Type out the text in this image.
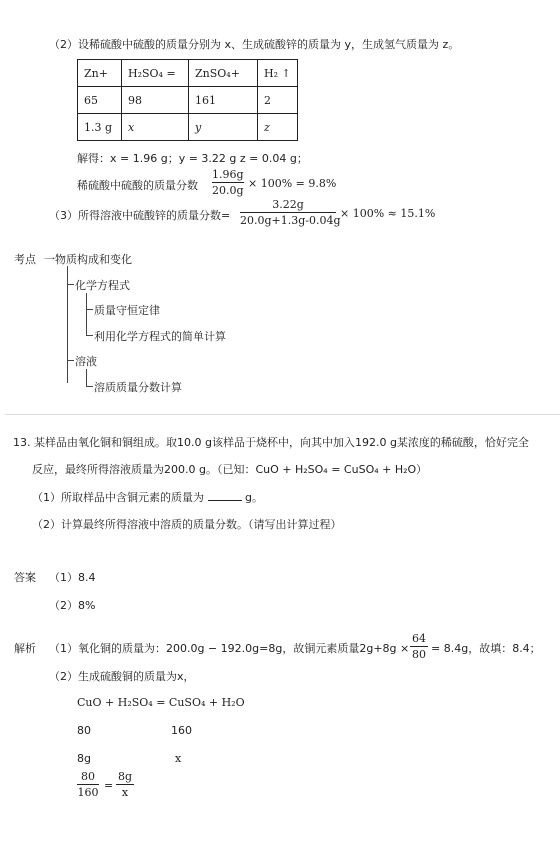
（2）设稀硫酸中硫酸的质量分别为 x、生成硫酸锌的质量为 y，生成氢气质量为 z。
Zn+	H₂SO₄ =	ZnSO₄+	H₂ ↑
65	98	161	2
1.3 g	x	y	z
解得：x = 1.96 g；y = 3.22 g z = 0.04 g；
稀硫酸中硫酸的质量分数
1.96g
20.0g
× 100% = 9.8%
（3）所得溶液中硫酸锌的质量分数=
3.22g
20.0g+1.3g-0.04g
× 100% ≈ 15.1%
考点 一物质构成和变化
化学方程式
质量守恒定律
利用化学方程式的简单计算
溶液
溶质质量分数计算
13. 某样品由氧化铜和铜组成。取10.0 g该样品于烧杯中，向其中加入192.0 g某浓度的稀硫酸，恰好完全
反应，最终所得溶液质量为200.0 g。（已知：CuO + H₂SO₄ = CuSO₄ + H₂O）
（1）所取样品中含铜元素的质量为	g。
（2）计算最终所得溶液中溶质的质量分数。（请写出计算过程）
答案 （1）8.4
（2）8%
解析 （1）氧化铜的质量为：200.0g − 192.0g=8g，故铜元素质量2g+8g ×
64
80 = 8.4g，故填：8.4；
（2）生成硫酸铜的质量为x，
CuO + H₂SO₄ = CuSO₄ + H₂O
80	160
8g	x
80
160
=
8g
x
